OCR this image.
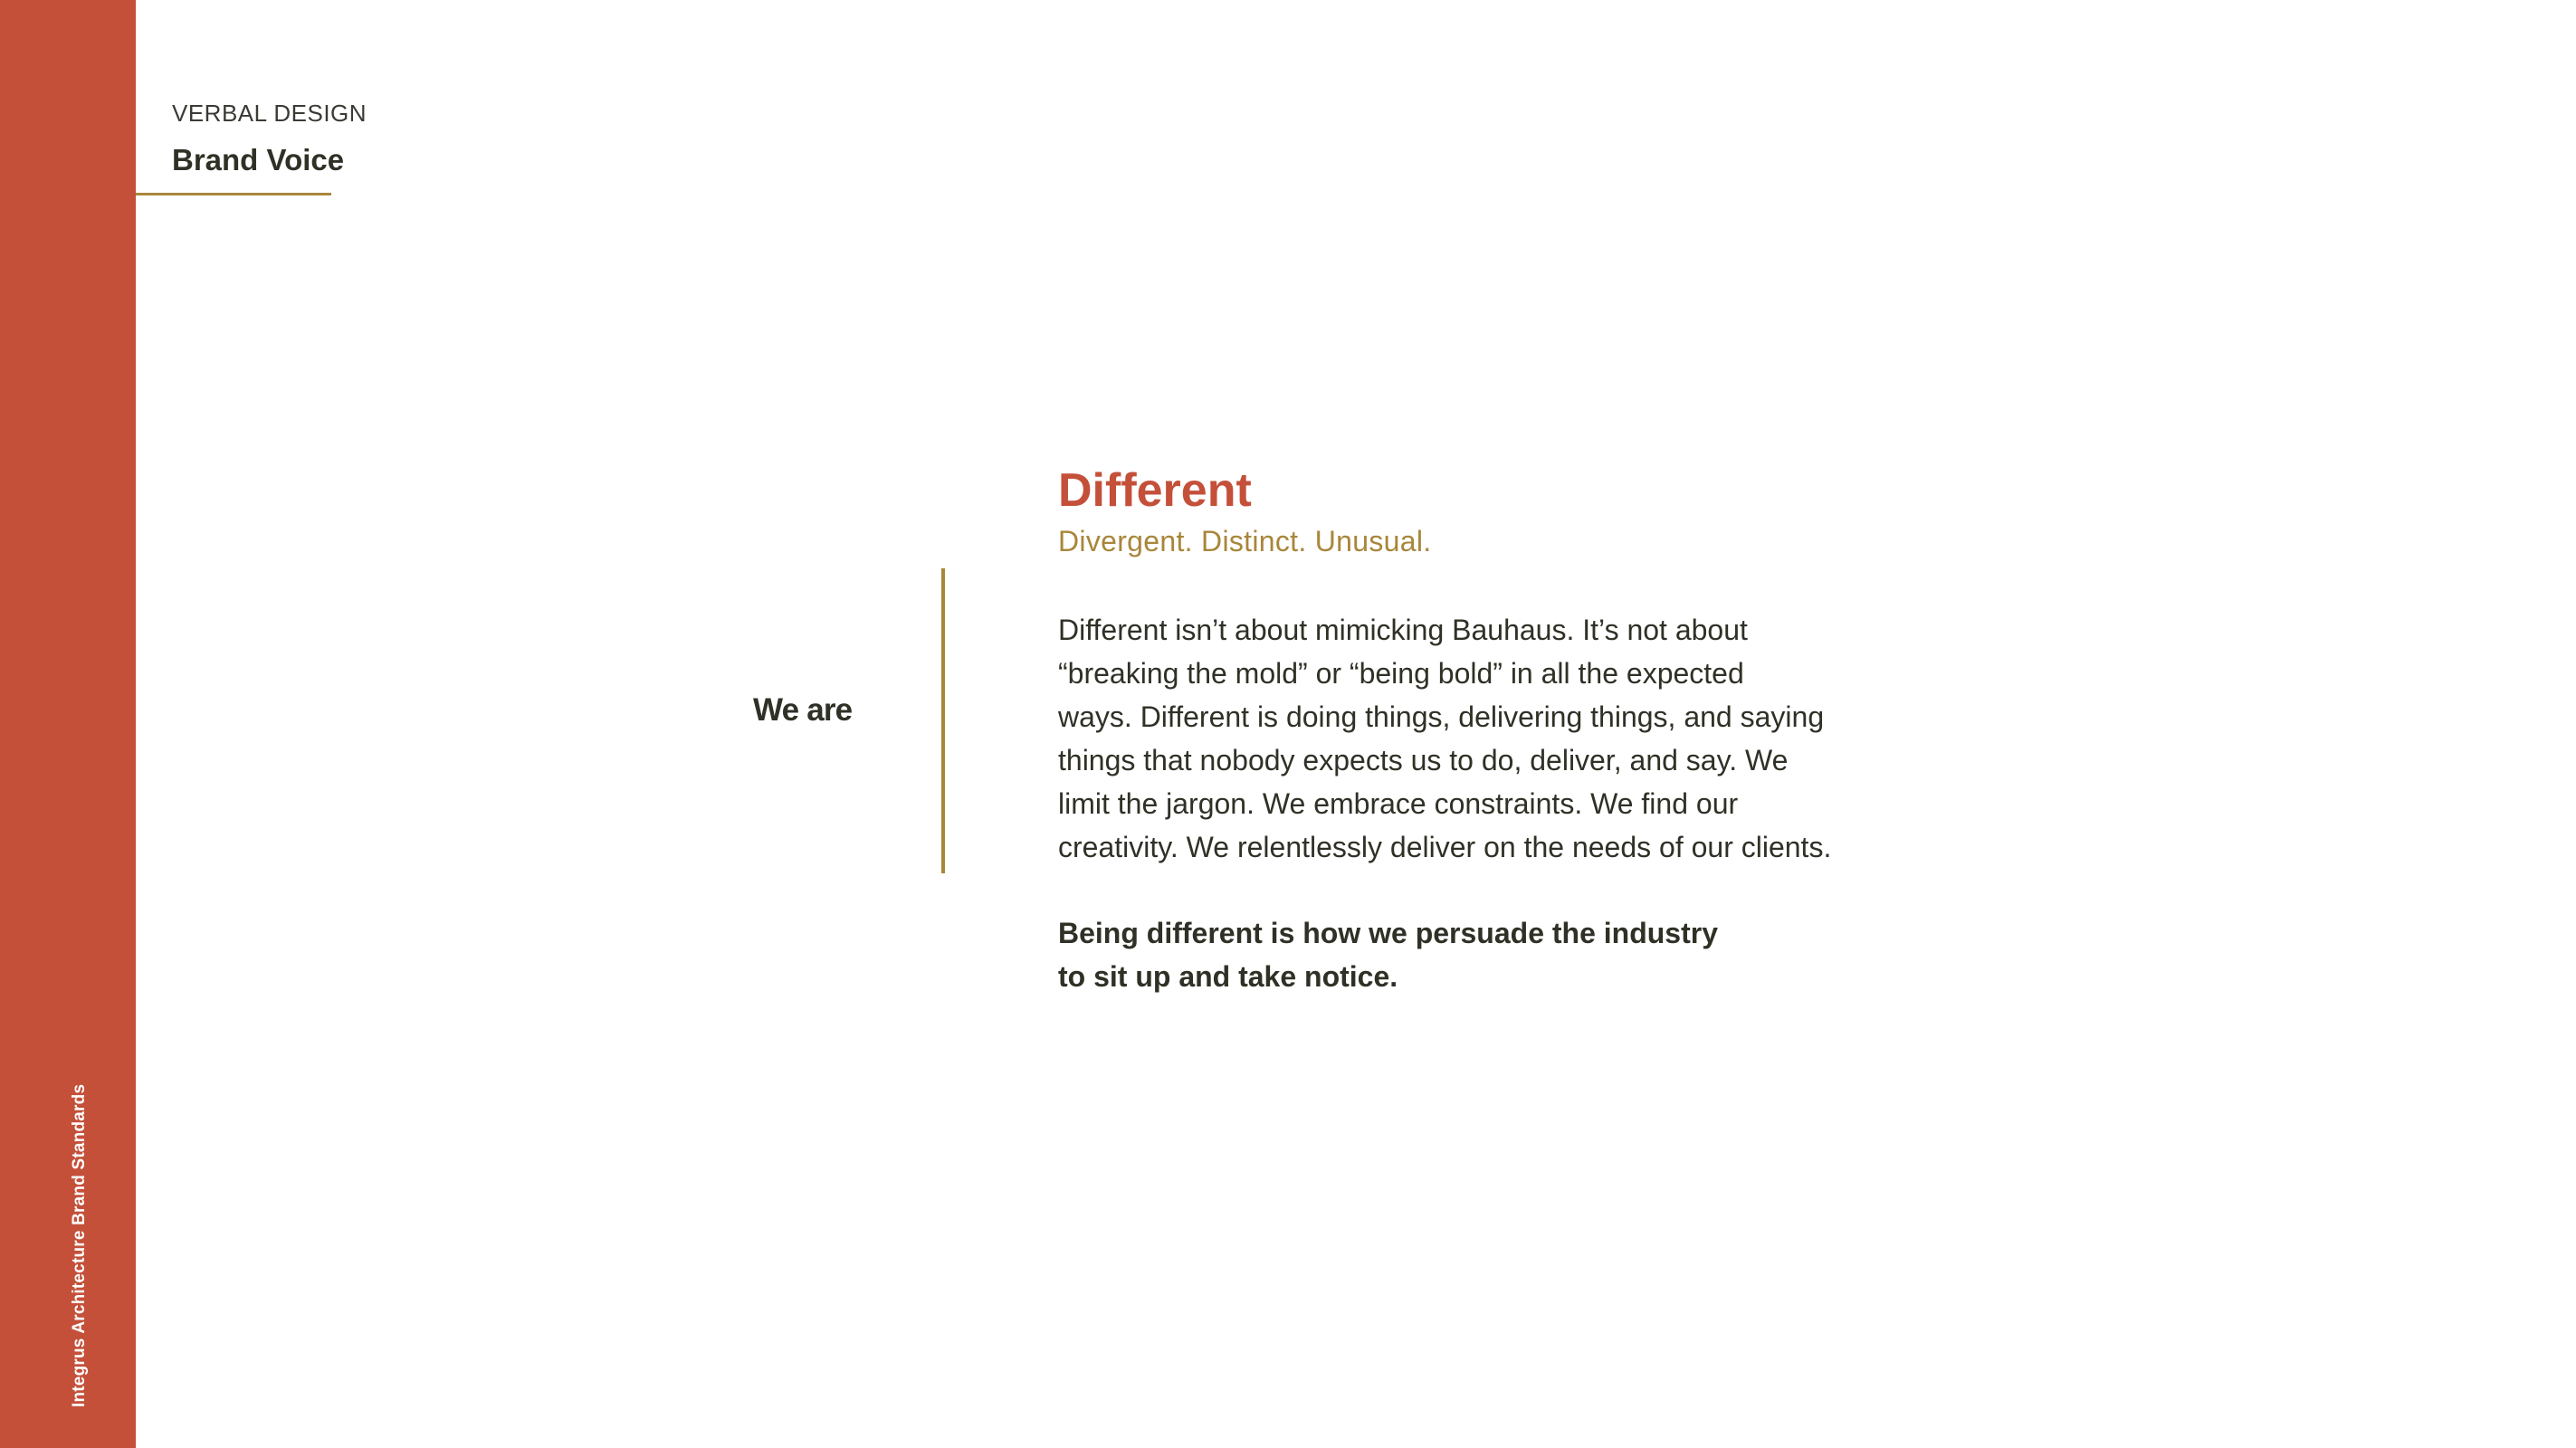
Integrus Architecture Brand Standards
VERBAL DESIGN
Brand Voice
We are
Different
Divergent. Distinct. Unusual.

Different isn’t about mimicking Bauhaus. It’s not about
“breaking the mold” or “being bold” in all the expected
ways. Different is doing things, delivering things, and saying
things that nobody expects us to do, deliver, and say. We
limit the jargon. We embrace constraints. We find our
creativity. We relentlessly deliver on the needs of our clients.

Being different is how we persuade the industry
to sit up and take notice.
